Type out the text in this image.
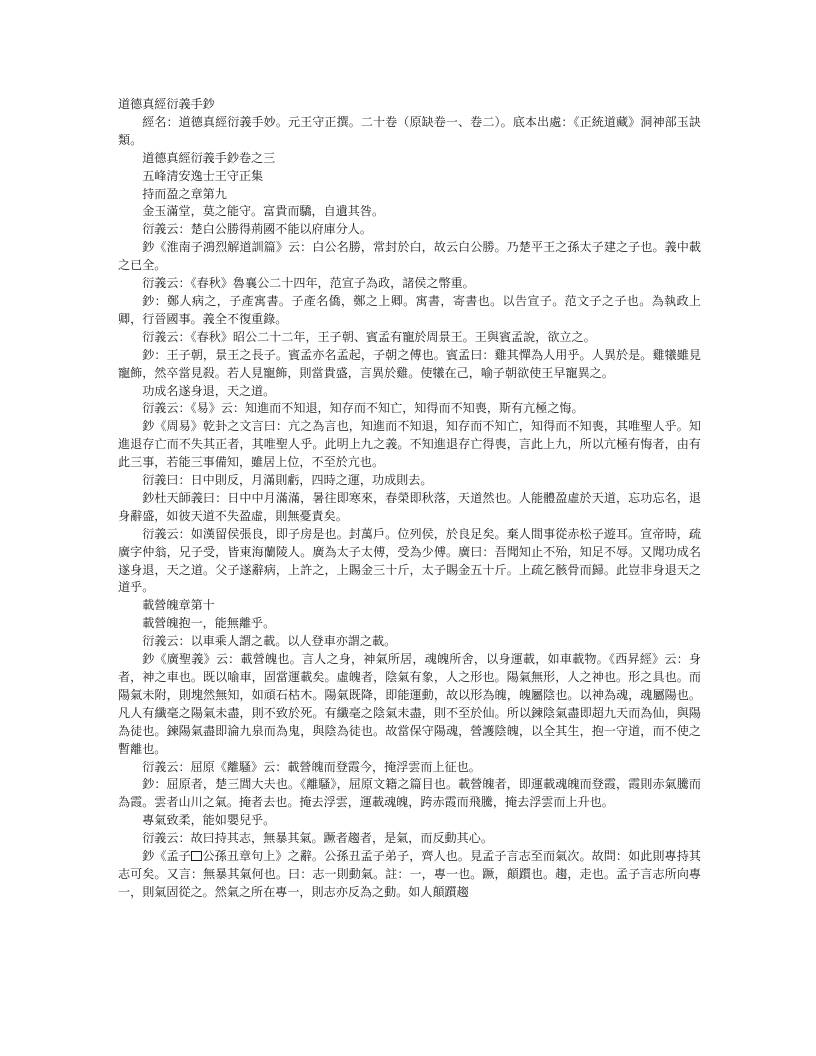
道德真經衍義手鈔

經名：道德真經衍義手妙。元王守正撰。二十卷（原缺卷一、卷二）。底本出處：《正統道藏》洞神部玉訣類。

道德真經衍義手鈔卷之三

五峰清安逸士王守正集

持而盈之章第九

金玉滿堂，莫之能守。富貴而驕，自遺其咎。

衍義云：楚白公勝得荊國不能以府庫分人。

鈔《淮南子鴻烈解道訓篇》云：白公名勝，常封於白，故云白公勝。乃楚平王之孫太子建之子也。義中載之已全。

衍義云：《春秋》魯襄公二十四年，范宣子為政，諸侯之幣重。

鈔：鄭人病之，子產寓書。子產名僑，鄭之上卿。寓書，寄書也。以告宣子。范文子之子也。為執政上卿，行晉國事。義全不復重錄。

衍義云：《春秋》昭公二十二年，王子朝、賓孟有寵於周景王。王與賓孟說，欲立之。

鈔：王子朝，景王之長子。賓孟亦名孟起，子朝之傅也。賓孟曰：雞其憚為人用乎。人異於是。雞犧雖見寵飾，然卒當見殺。若人見寵飾，則當貴盛，言異於雞。使犧在己，喻子朝欲使王早寵異之。

功成名遂身退，天之道。

衍義云：《易》云：知進而不知退，知存而不知亡，知得而不知喪，斯有亢極之悔。

鈔《周易》乾卦之文言曰：亢之為言也，知進而不知退，知存而不知亡，知得而不知喪，其唯聖人乎。知進退存亡而不失其正者，其唯聖人乎。此明上九之義。不知進退存亡得喪，言此上九，所以亢極有悔者，由有此三事，若能三事備知，雖居上位，不至於亢也。

衍義曰：日中則反，月滿則虧，四時之運，功成則去。

鈔杜天師義曰：日中中月滿滿，暑往即寒來，春榮即秋落，天道然也。人能體盈虛於天道，忘功忘名，退身辭盛，如彼天道不失盈虛，則無憂責矣。

衍義云：如漢留侯張良，即子房是也。封萬戶。位列侯，於良足矣。棄人間事從赤松子遊耳。宣帝時，疏廣字仲翁，兄子受，皆東海蘭陵人。廣為太子太傅，受為少傅。廣曰：吾聞知止不殆，知足不辱。又聞功成名遂身退，天之道。父子遂辭病，上許之，上賜金三十斤，太子賜金五十斤。上疏乞骸骨而歸。此豈非身退天之道乎。

載營魄章第十

載營魄抱一，能無離乎。

衍義云：以車乘人謂之載。以人登車亦謂之載。

鈔《廣聖義》云：載營魄也。言人之身，神氣所居，魂魄所舍，以身運載，如車載物。《西昇經》云：身者，神之車也。既以喻車，固當運載矣。虛魄者，陰氣有象，人之形也。陽氣無形，人之神也。形之具也。而陽氣未附，則塊然無知，如頑石枯木。陽氣既降，即能運動，故以形為魄，魄屬陰也。以神為魂，魂屬陽也。凡人有纖毫之陽氣未盡，則不致於死。有纖毫之陰氣未盡，則不至於仙。所以鍊陰氣盡即超九天而為仙，與陽為徒也。鍊陽氣盡即淪九泉而為鬼，與陰為徒也。故當保守陽魂，營護陰魄，以全其生，抱一守道，而不使之暫離也。

衍義云：屈原《離騷》云：載營魄而登霞今，掩浮雲而上征也。

鈔：屈原者，楚三閭大夫也。《離騷》，屈原文籍之篇目也。載營魄者，即運載魂魄而登霞，霞則赤氣騰而為霞。雲者山川之氣。掩者去也。掩去浮雲，運載魂魄，跨赤霞而飛騰，掩去浮雲而上升也。

專氣致柔，能如嬰兒乎。

衍義云：故曰持其志，無暴其氣。蹶者趨者，是氣，而反動其心。

鈔《孟子 公孫丑章句上》之辭。公孫丑孟子弟子，齊人也。見孟子言志至而氣次。故問：如此則專持其志可矣。又言：無暴其氣何也。曰：志一則動氣。註：一，專一也。蹶，顛躓也。趨，走也。孟子言志所向專一，則氣固從之。然氣之所在專一，則志亦反為之動。如人顛躓趨
